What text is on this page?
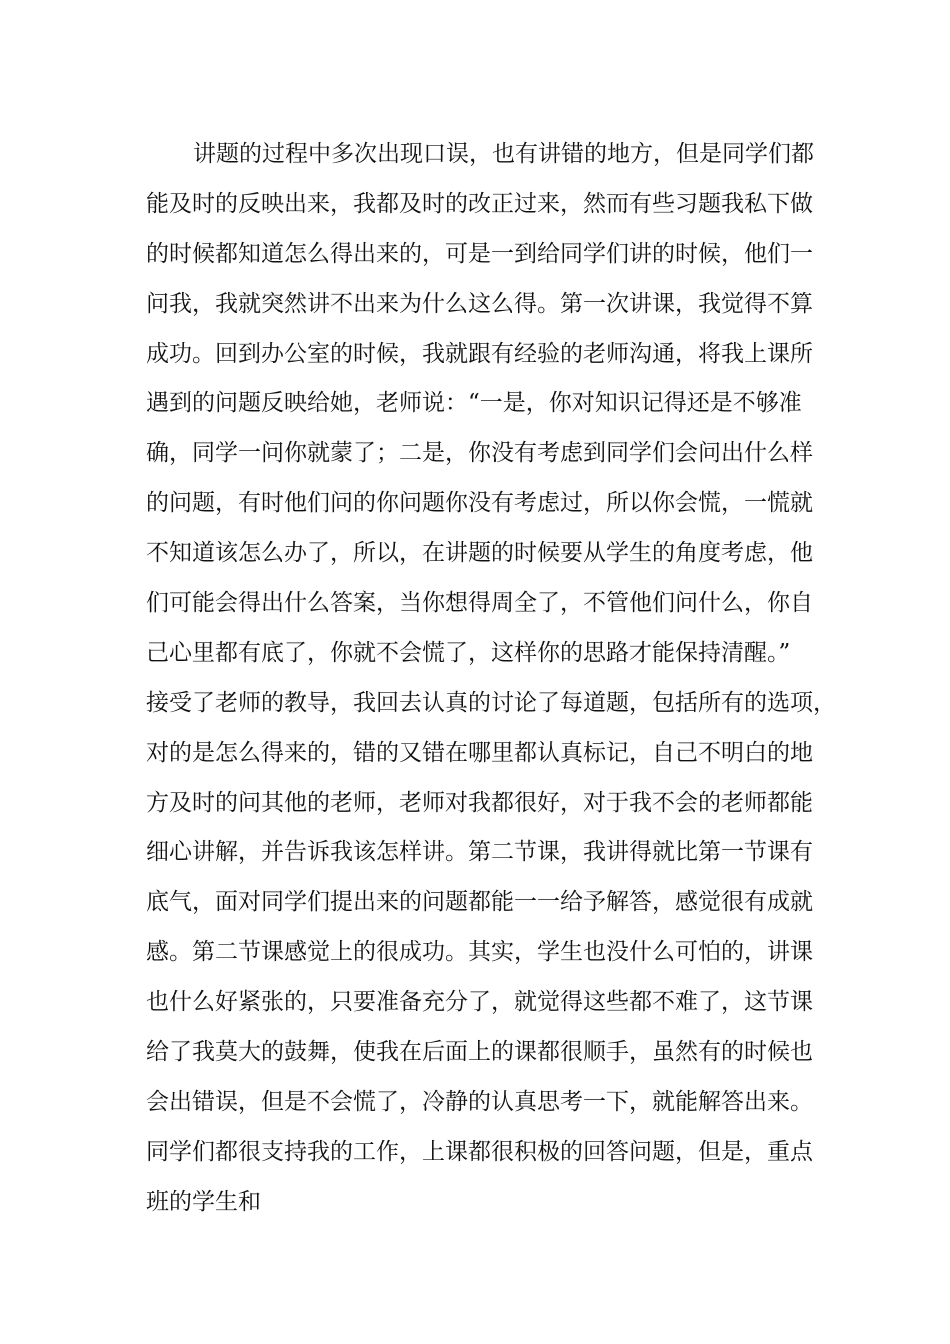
讲题的过程中多次出现口误，也有讲错的地方，但是同学们都
能及时的反映出来，我都及时的改正过来，然而有些习题我私下做
的时候都知道怎么得出来的，可是一到给同学们讲的时候，他们一
问我，我就突然讲不出来为什么这么得。第一次讲课，我觉得不算
成功。回到办公室的时候，我就跟有经验的老师沟通，将我上课所
遇到的问题反映给她，老师说：“一是，你对知识记得还是不够准
确，同学一问你就蒙了；二是，你没有考虑到同学们会问出什么样
的问题，有时他们问的你问题你没有考虑过，所以你会慌，一慌就
不知道该怎么办了，所以，在讲题的时候要从学生的角度考虑，他
们可能会得出什么答案，当你想得周全了，不管他们问什么，你自
己心里都有底了，你就不会慌了，这样你的思路才能保持清醒。”
接受了老师的教导，我回去认真的讨论了每道题，包括所有的选项，
对的是怎么得来的，错的又错在哪里都认真标记，自己不明白的地
方及时的问其他的老师，老师对我都很好，对于我不会的老师都能
细心讲解，并告诉我该怎样讲。第二节课，我讲得就比第一节课有
底气，面对同学们提出来的问题都能一一给予解答，感觉很有成就
感。第二节课感觉上的很成功。其实，学生也没什么可怕的，讲课
也什么好紧张的，只要准备充分了，就觉得这些都不难了，这节课
给了我莫大的鼓舞，使我在后面上的课都很顺手，虽然有的时候也
会出错误，但是不会慌了，冷静的认真思考一下，就能解答出来。
同学们都很支持我的工作，上课都很积极的回答问题，但是，重点
班的学生和
